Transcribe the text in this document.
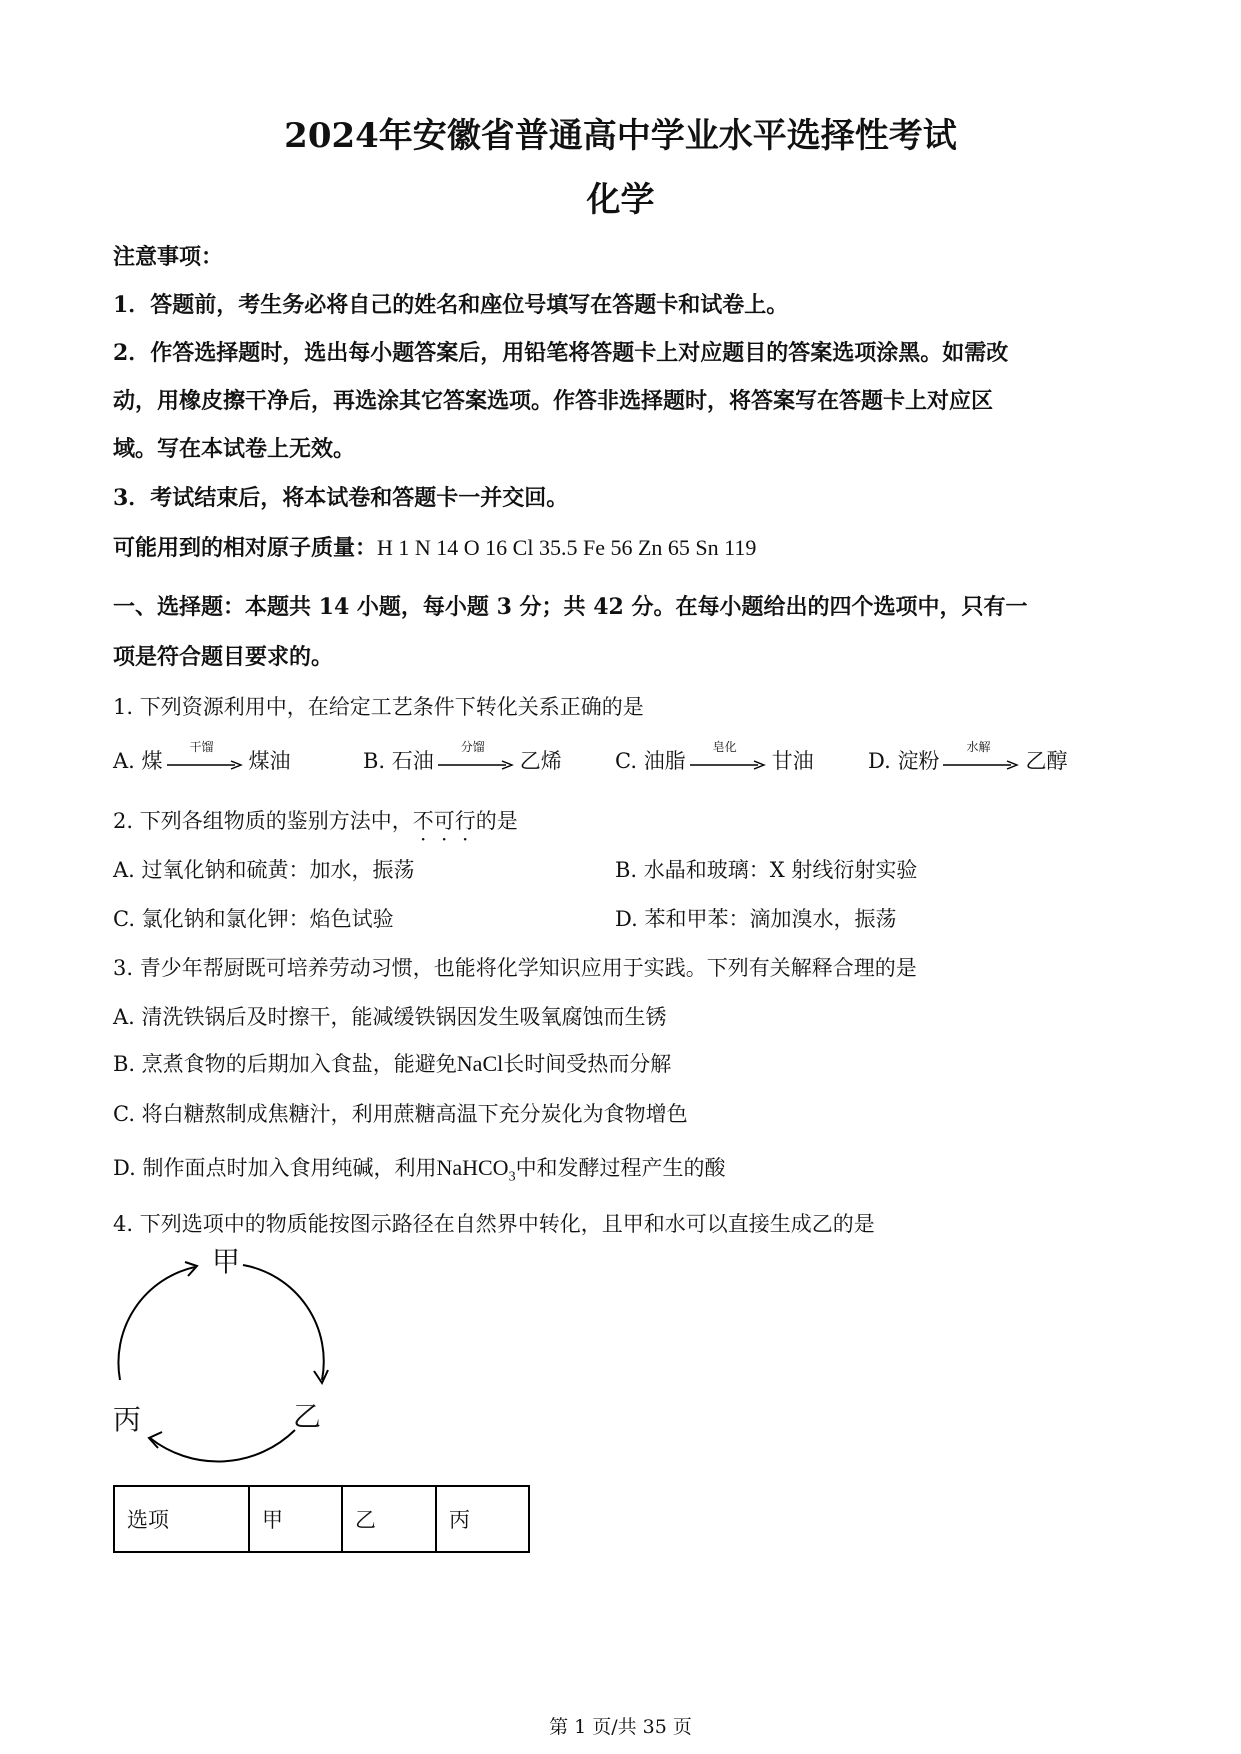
2024年安徽省普通高中学业水平选择性考试
化学
注意事项：
1．答题前，考生务必将自己的姓名和座位号填写在答题卡和试卷上。
2．作答选择题时，选出每小题答案后，用铅笔将答题卡上对应题目的答案选项涂黑。如需改
动，用橡皮擦干净后，再选涂其它答案选项。作答非选择题时，将答案写在答题卡上对应区
域。写在本试卷上无效。
3．考试结束后，将本试卷和答题卡一并交回。
可能用到的相对原子质量：H 1 N 14 O 16 Cl 35.5 Fe 56 Zn 65 Sn 119
一、选择题：本题共 14 小题，每小题 3 分；共 42 分。在每小题给出的四个选项中，只有一
项是符合题目要求的。
1. 下列资源利用中，在给定工艺条件下转化关系正确的是
A. 煤
干馏
煤油	B. 石油
分馏
乙烯	C. 油脂
皂化
甘油	D. 淀粉
水解
乙醇
2. 下列各组物质的鉴别方法中，不可行的是
A. 过氧化钠和硫黄：加水，振荡	B. 水晶和玻璃：X 射线衍射实验
C. 氯化钠和氯化钾：焰色试验	D. 苯和甲苯：滴加溴水，振荡
3. 青少年帮厨既可培养劳动习惯，也能将化学知识应用于实践。下列有关解释合理的是
A. 清洗铁锅后及时擦干，能减缓铁锅因发生吸氧腐蚀而生锈
B. 烹煮食物的后期加入食盐，能避免NaCl长时间受热而分解
C. 将白糖熬制成焦糖汁，利用蔗糖高温下充分炭化为食物增色
D. 制作面点时加入食用纯碱，利用NaHCO$_3$中和发酵过程产生的酸
4. 下列选项中的物质能按图示路径在自然界中转化，且甲和水可以直接生成乙的是
甲
乙
丙
选项	甲	乙	丙
第 1 页/共 35 页
